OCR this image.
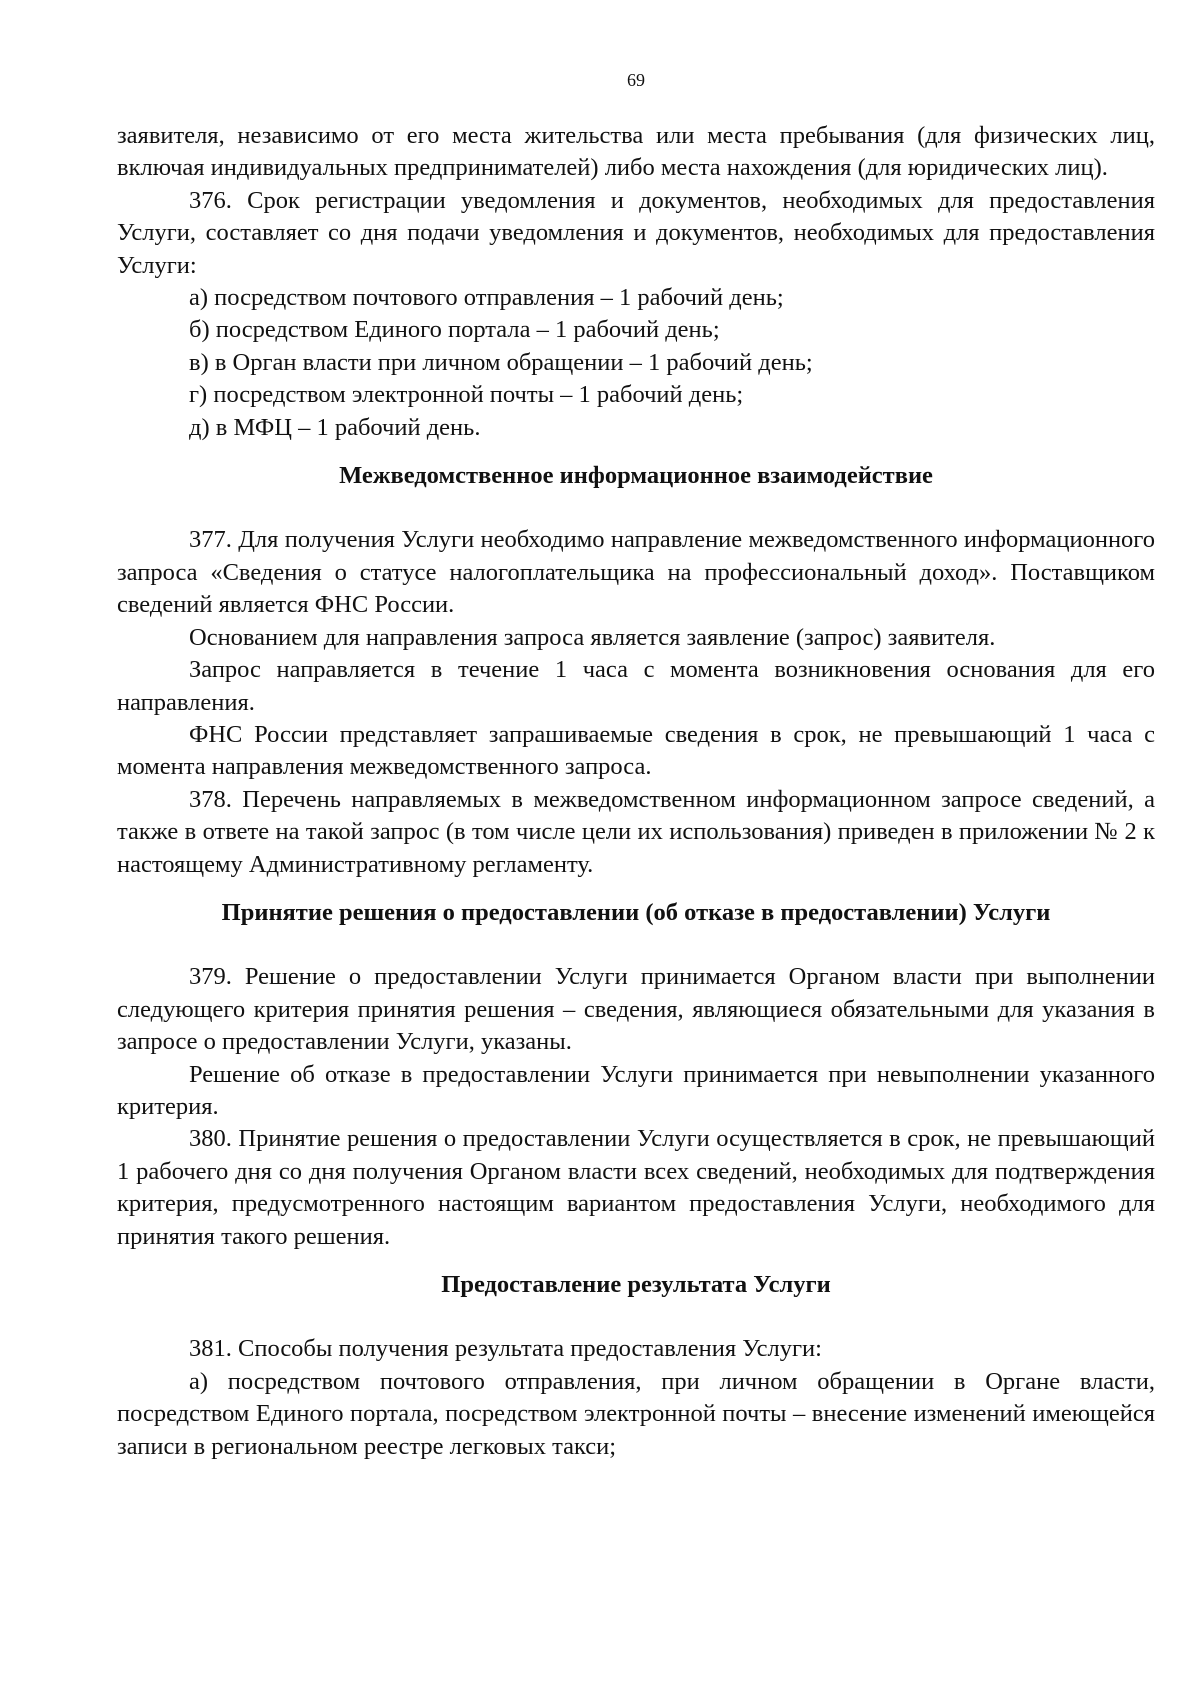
69

заявителя, независимо от его места жительства или места пребывания (для физических лиц, включая индивидуальных предпринимателей) либо места нахождения (для юридических лиц).

376. Срок регистрации уведомления и документов, необходимых для предоставления Услуги, составляет со дня подачи уведомления и документов, необходимых для предоставления Услуги:

а) посредством почтового отправления – 1 рабочий день;

б) посредством Единого портала – 1 рабочий день;

в) в Орган власти при личном обращении – 1 рабочий день;

г) посредством электронной почты – 1 рабочий день;

д) в МФЦ – 1 рабочий день.

Межведомственное информационное взаимодействие

377. Для получения Услуги необходимо направление межведомственного информационного запроса «Сведения о статусе налогоплательщика на профессиональный доход». Поставщиком сведений является ФНС России.

Основанием для направления запроса является заявление (запрос) заявителя.

Запрос направляется в течение 1 часа с момента возникновения основания для его направления.

ФНС России представляет запрашиваемые сведения в срок, не превышающий 1 часа с момента направления межведомственного запроса.

378. Перечень направляемых в межведомственном информационном запросе сведений, а также в ответе на такой запрос (в том числе цели их использования) приведен в приложении № 2 к настоящему Административному регламенту.

Принятие решения о предоставлении (об отказе в предоставлении) Услуги

379. Решение о предоставлении Услуги принимается Органом власти при выполнении следующего критерия принятия решения – сведения, являющиеся обязательными для указания в запросе о предоставлении Услуги, указаны.

Решение об отказе в предоставлении Услуги принимается при невыполнении указанного критерия.

380. Принятие решения о предоставлении Услуги осуществляется в срок, не превышающий 1 рабочего дня со дня получения Органом власти всех сведений, необходимых для подтверждения критерия, предусмотренного настоящим вариантом предоставления Услуги, необходимого для принятия такого решения.

Предоставление результата Услуги

381. Способы получения результата предоставления Услуги:

а) посредством почтового отправления, при личном обращении в Органе власти, посредством Единого портала, посредством электронной почты – внесение изменений имеющейся записи в региональном реестре легковых такси;
